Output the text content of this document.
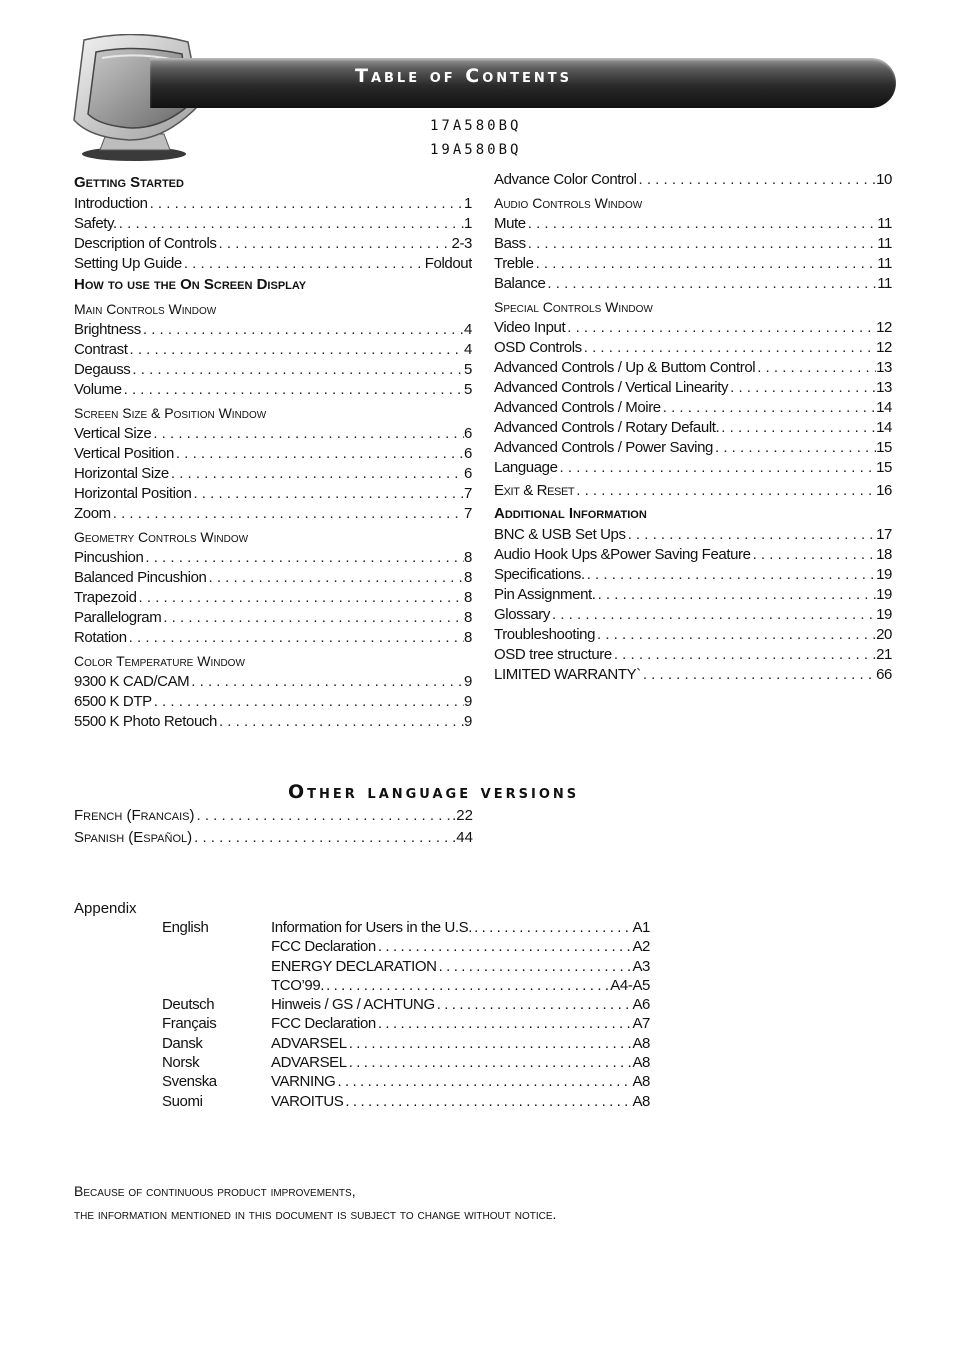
Table of Contents
17A580BQ
19A580BQ
Getting Started
Introduction . . .	1
Safety. . . .	1
Description of Controls . . .	2-3
Setting Up Guide . . .	Foldout
How to use the On Screen Display
Main Controls Window
Brightness . . .	4
Contrast . . .	4
Degauss . . .	5
Volume . . .	5
Screen Size & Position Window
Vertical Size . . .	6
Vertical Position . . .	6
Horizontal Size . . .	6
Horizontal Position . . .	7
Zoom . . .	7
Geometry Controls Window
Pincushion . . .	8
Balanced Pincushion . . .	8
Trapezoid . . .	8
Parallelogram . . .	8
Rotation . . .	8
Color Temperature Window
9300 K CAD/CAM . . .	9
6500 K DTP . . .	9
5500 K Photo Retouch . . .	9
Advance Color Control . . .	10
Audio Controls Window
Mute . . .	11
Bass . . .	11
Treble . . .	11
Balance . . .	11
Special Controls Window
Video Input . . .	12
OSD Controls . . .	12
Advanced Controls / Up & Buttom Control . . .	13
Advanced Controls / Vertical Linearity . . .	13
Advanced Controls / Moire . . .	14
Advanced Controls / Rotary Default. . . .	14
Advanced Controls / Power Saving . . .	15
Language . . .	15
Exit & Reset . . .	16
Additional Information
BNC & USB Set Ups . . .	17
Audio Hook Ups &Power Saving Feature . . .	18
Specifications. . . .	19
Pin Assignment. . . .	19
Glossary . . .	19
Troubleshooting . . .	20
OSD tree structure . . .	21
LIMITED WARRANTY` . . .	66
Other language versions
French (Francais) . . .	.22
Spanish (Español) . . .	.44
Appendix
English	Information for Users in the U.S. . . .	A1
FCC Declaration . . .	A2
ENERGY DECLARATION . . .	A3
TCO’99. . . .	A4-A5
Deutsch	Hinweis / GS / ACHTUNG . . .	A6
Français	FCC Declaration . . .	A7
Dansk	ADVARSEL . . .	A8
Norsk	ADVARSEL . . .	A8
Svenska	VARNING . . .	A8
Suomi	VAROITUS . . .	A8
Because of continuous product improvements,
the information mentioned in this document is subject to change without notice.
